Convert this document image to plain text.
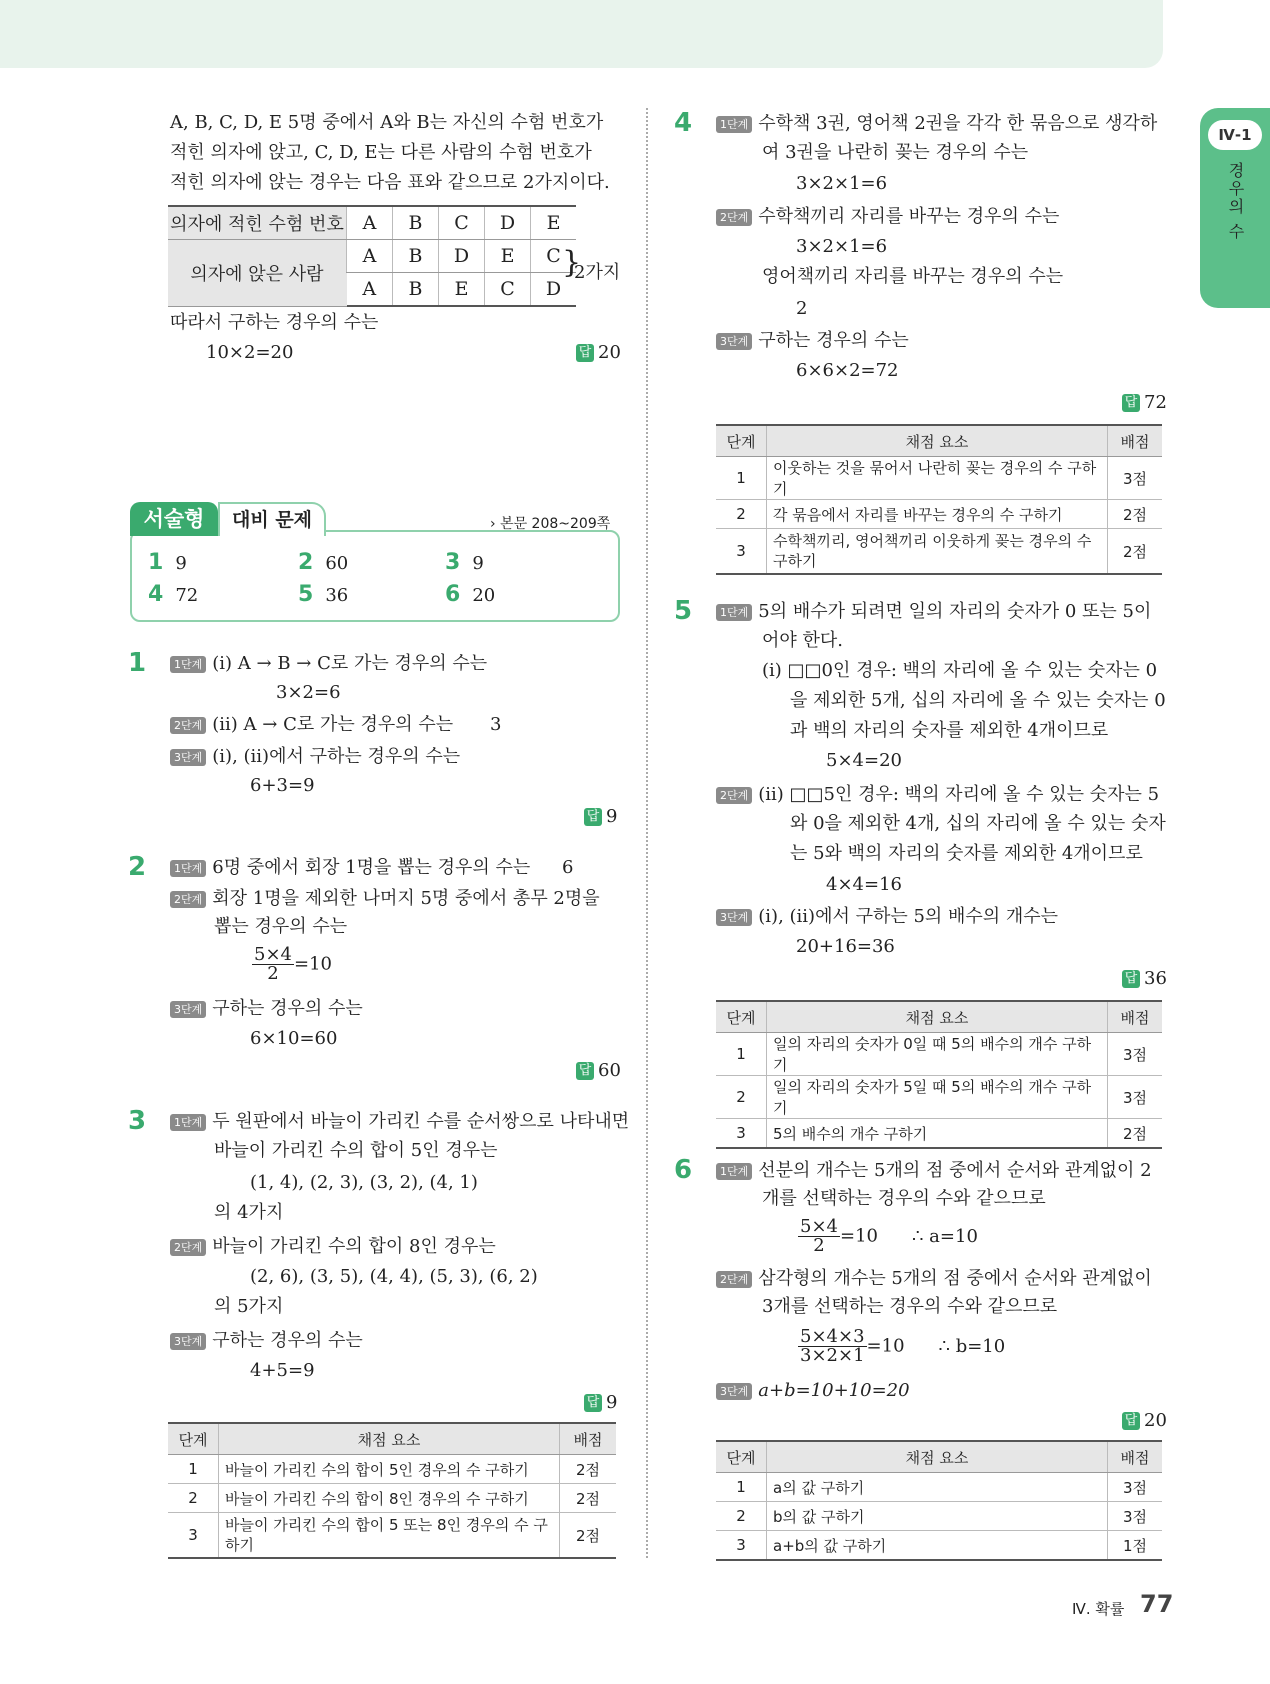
Ⅳ-1
경우의 수
A, B, C, D, E 5명 중에서 A와 B는 자신의 수험 번호가
적힌 의자에 앉고, C, D, E는 다른 사람의 수험 번호가
적힌 의자에 앉는 경우는 다음 표와 같으므로 2가지이다.
의자에 적힌 수험 번호	A	B	C	D	E
의자에 앉은 사람	A	B	D	E	C
	A	B	E	C	D
}
2가지
따라서 구하는 경우의 수는
10×2=20	답 20
서술형	대비 문제	› 본문 208~209쪽
1 9	2 60	3 9
4 72	5 36	6 20
1	1단계 (ⅰ) A → B → C로 가는 경우의 수는
3×2=6
2단계 (ⅱ) A → C로 가는 경우의 수는 3
3단계 (ⅰ), (ⅱ)에서 구하는 경우의 수는
6+3=9
답 9
2	1단계 6명 중에서 회장 1명을 뽑는 경우의 수는 6
2단계 회장 1명을 제외한 나머지 5명 중에서 총무 2명을
뽑는 경우의 수는
$\frac{5\times 4}{2} =10$
3단계 구하는 경우의 수는
6×10=60
답 60
3	1단계 두 원판에서 바늘이 가리킨 수를 순서쌍으로 나타내면
바늘이 가리킨 수의 합이 5인 경우는
(1, 4), (2, 3), (3, 2), (4, 1)
의 4가지
2단계 바늘이 가리킨 수의 합이 8인 경우는
(2, 6), (3, 5), (4, 4), (5, 3), (6, 2)
의 5가지
3단계 구하는 경우의 수는
4+5=9
답 9
단계	채점 요소	배점
1	바늘이 가리킨 수의 합이 5인 경우의 수 구하기	2점
2	바늘이 가리킨 수의 합이 8인 경우의 수 구하기	2점
3	바늘이 가리킨 수의 합이 5 또는 8인 경우의 수 구
하기	2점
4	1단계 수학책 3권, 영어책 2권을 각각 한 묶음으로 생각하
여 3권을 나란히 꽂는 경우의 수는
3×2×1=6
2단계 수학책끼리 자리를 바꾸는 경우의 수는
3×2×1=6
영어책끼리 자리를 바꾸는 경우의 수는
2
3단계 구하는 경우의 수는
6×6×2=72
답 72
단계	채점 요소	배점
1	이웃하는 것을 묶어서 나란히 꽂는 경우의 수 구하기	3점
2	각 묶음에서 자리를 바꾸는 경우의 수 구하기	2점
3	수학책끼리, 영어책끼리 이웃하게 꽂는 경우의 수
구하기	2점
5	1단계 5의 배수가 되려면 일의 자리의 숫자가 0 또는 5이
어야 한다.
(ⅰ) □□0인 경우: 백의 자리에 올 수 있는 숫자는 0
을 제외한 5개, 십의 자리에 올 수 있는 숫자는 0
과 백의 자리의 숫자를 제외한 4개이므로
5×4=20
2단계 (ⅱ) □□5인 경우: 백의 자리에 올 수 있는 숫자는 5
와 0을 제외한 4개, 십의 자리에 올 수 있는 숫자
는 5와 백의 자리의 숫자를 제외한 4개이므로
4×4=16
3단계 (ⅰ), (ⅱ)에서 구하는 5의 배수의 개수는
20+16=36
답 36
단계	채점 요소	배점
1	일의 자리의 숫자가 0일 때 5의 배수의 개수 구하기	3점
2	일의 자리의 숫자가 5일 때 5의 배수의 개수 구하기	3점
3	5의 배수의 개수 구하기	2점
6	1단계 선분의 개수는 5개의 점 중에서 순서와 관계없이 2
개를 선택하는 경우의 수와 같으므로
$\frac{5\times 4}{2} =10$ ∴ a=10
2단계 삼각형의 개수는 5개의 점 중에서 순서와 관계없이
3개를 선택하는 경우의 수와 같으므로
$\frac{5\times 4\times 3}{3\times 2\times 1} =10$ ∴ b=10
3단계 a+b=10+10=20
답 20
단계	채점 요소	배점
1	a의 값 구하기	3점
2	b의 값 구하기	3점
3	a+b의 값 구하기	1점
Ⅳ. 확률 77
